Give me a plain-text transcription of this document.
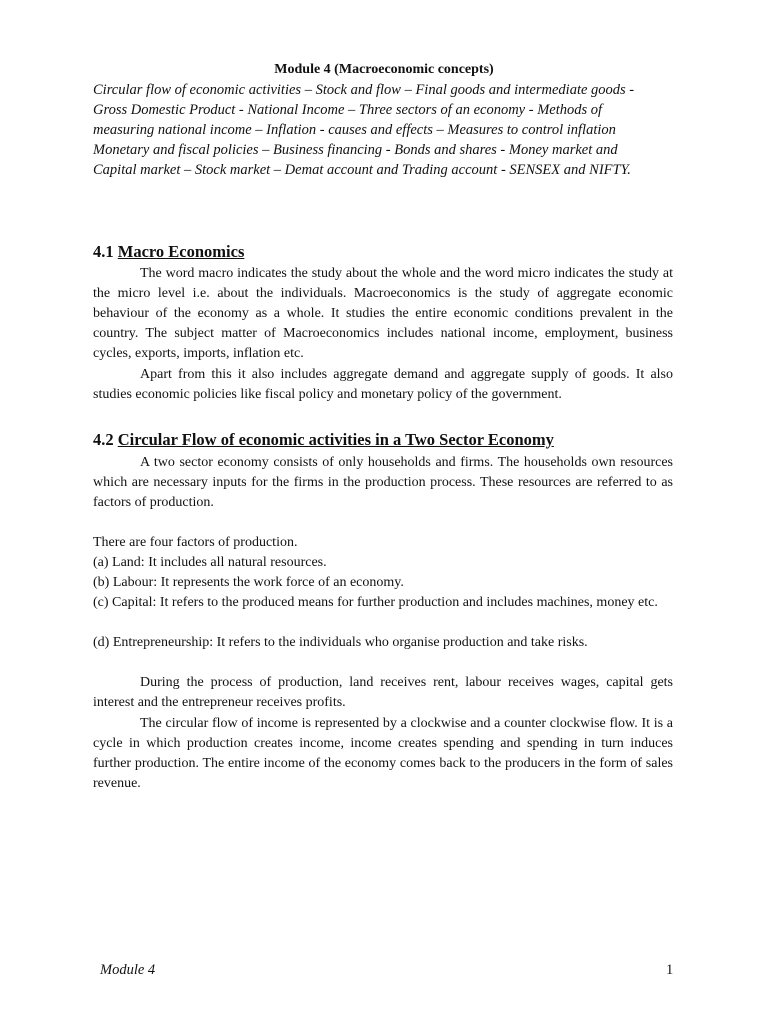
Module 4 (Macroeconomic concepts)
Circular flow of economic activities – Stock and flow – Final goods and intermediate goods -
Gross Domestic Product - National Income – Three sectors of an economy - Methods of
measuring national income – Inflation - causes and effects – Measures to control inflation
Monetary and fiscal policies – Business financing - Bonds and shares - Money market and
Capital market – Stock market – Demat account and Trading account - SENSEX and NIFTY.
4.1 Macro Economics
The word macro indicates the study about the whole and the word micro indicates the study at the micro level i.e. about the individuals. Macroeconomics is the study of aggregate economic behaviour of the economy as a whole. It studies the entire economic conditions prevalent in the country. The subject matter of Macroeconomics includes national income, employment, business cycles, exports, imports, inflation etc.
Apart from this it also includes aggregate demand and aggregate supply of goods. It also studies economic policies like fiscal policy and monetary policy of the government.
4.2 Circular Flow of economic activities in a Two Sector Economy
A two sector economy consists of only households and firms. The households own resources which are necessary inputs for the firms in the production process. These resources are referred to as factors of production.
There are four factors of production.
(a) Land: It includes all natural resources.
(b) Labour: It represents the work force of an economy.
(c) Capital: It refers to the produced means for further production and includes machines, money etc.
(d) Entrepreneurship: It refers to the individuals who organise production and take risks.
During the process of production, land receives rent, labour receives wages, capital gets interest and the entrepreneur receives profits.
The circular flow of income is represented by a clockwise and a counter clockwise flow. It is a cycle in which production creates income, income creates spending and spending in turn induces further production. The entire income of the economy comes back to the producers in the form of sales revenue.
Module 4	1
